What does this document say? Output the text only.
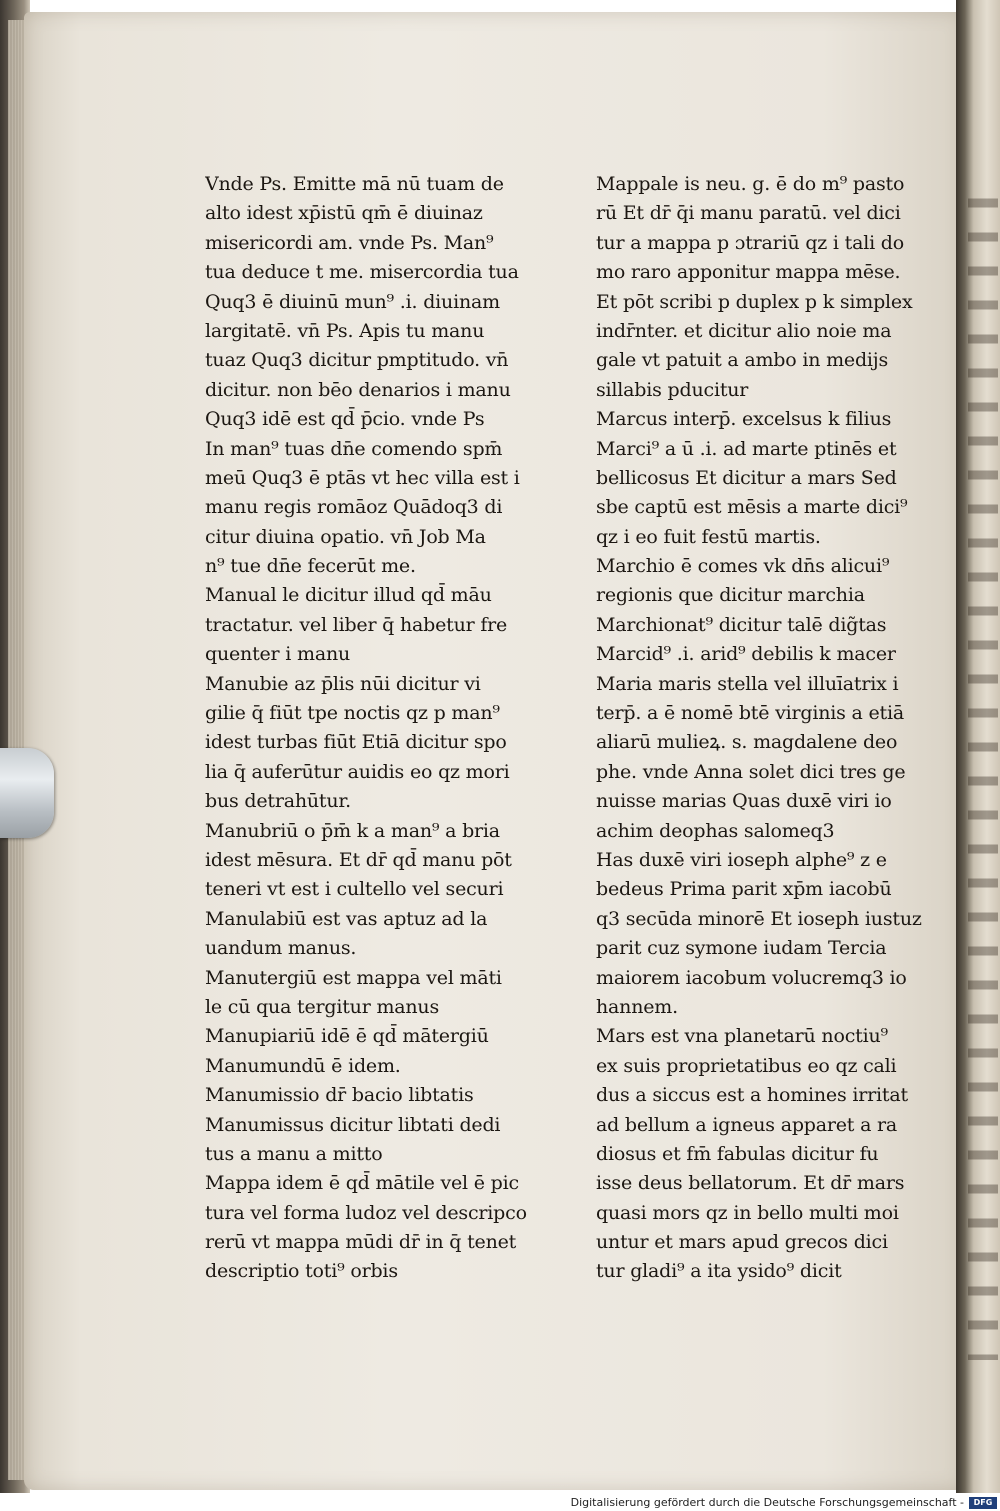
Vnde Ps. Emitte mā nū tuam de
alto idest xp̄istū qm̄ ē diuinaz
misericordi am. vnde Ps. Man⁹
tua deduce t me. misercordia tua
Quq3 ē diuinū mun⁹ .i. diuinam
largitatē. vn̄ Ps. Apis tu manu
tuaz Quq3 dicitur pmptitudo. vn̄
dicitur. non bēo denarios i manu
Quq3 idē est qd̄ p̄cio. vnde Ps
In man⁹ tuas dn̄e comendo spm̄
meū Quq3 ē ptās vt hec villa est i
manu regis romāoz Quādoq3 di
citur diuina opatio. vn̄ Job Ma
n⁹ tue dn̄e fecerūt me.
Manual le dicitur illud qd̄ māu
tractatur. vel liber q̄ habetur fre
quenter i manu
Manubie az p̄lis nūi dicitur vi
gilie q̄ fiūt tpe noctis qz p man⁹
idest turbas fiūt Etiā dicitur spo
lia q̄ auferūtur auidis eo qz mori
bus detrahūtur.
Manubriū o p̄m̄ k a man⁹ a bria
idest mēsura. Et dr̄ qd̄ manu pōt
teneri vt est i cultello vel securi
Manulabiū est vas aptuz ad la
uandum manus.
Manutergiū est mappa vel māti
le cū qua tergitur manus
Manupiariū idē ē qd̄ mātergiū
Manumundū ē idem.
Manumissio dr̄ bacio libtatis
Manumissus dicitur libtati dedi
tus a manu a mitto
Mappa idem ē qd̄ mātile vel ē pic
tura vel forma ludoz vel descripco
rerū vt mappa mūdi dr̄ in q̄ tenet
descriptio toti⁹ orbis
Mappale is neu. g. ē do m⁹ pasto
rū Et dr̄ q̄i manu paratū. vel dici
tur a mappa p ɔtrariū qz i tali do
mo raro apponitur mappa mēse.
Et pōt scribi p duplex p k simplex
indr̄nter. et dicitur alio noie ma
gale vt patuit a ambo in medijs
sillabis pducitur
Marcus interp̄. excelsus k filius
Marci⁹ a ū .i. ad marte ptinēs et
bellicosus Et dicitur a mars Sed
sbe captū est mēsis a marte dici⁹
qz i eo fuit festū martis.
Marchio ē comes vk dn̄s alicui⁹
regionis que dicitur marchia
Marchionat⁹ dicitur talē dig̃tas
Marcid⁹ .i. arid⁹ debilis k macer
Maria maris stella vel illuīatrix i
terp̄. a ē nomē btē virginis a etiā
aliarū mulieꝝ. s. magdalene deo
phe. vnde Anna solet dici tres ge
nuisse marias Quas duxē viri io
achim deophas salomeq3
Has duxē viri ioseph alphe⁹ z e
bedeus Prima parit xp̄m iacobū
q3 secūda minorē Et ioseph iustuz
parit cuz symone iudam Tercia
maiorem iacobum volucremq3 io
hannem.
Mars est vna planetarū noctiu⁹
ex suis proprietatibus eo qz cali
dus a siccus est a homines irritat
ad bellum a igneus apparet a ra
diosus et fm̄ fabulas dicitur fu
isse deus bellatorum. Et dr̄ mars
quasi mors qz in bello multi moi
untur et mars apud grecos dici
tur gladi⁹ a ita ysido⁹ dicit
Digitalisierung gefördert durch die Deutsche Forschungsgemeinschaft -	DFG
